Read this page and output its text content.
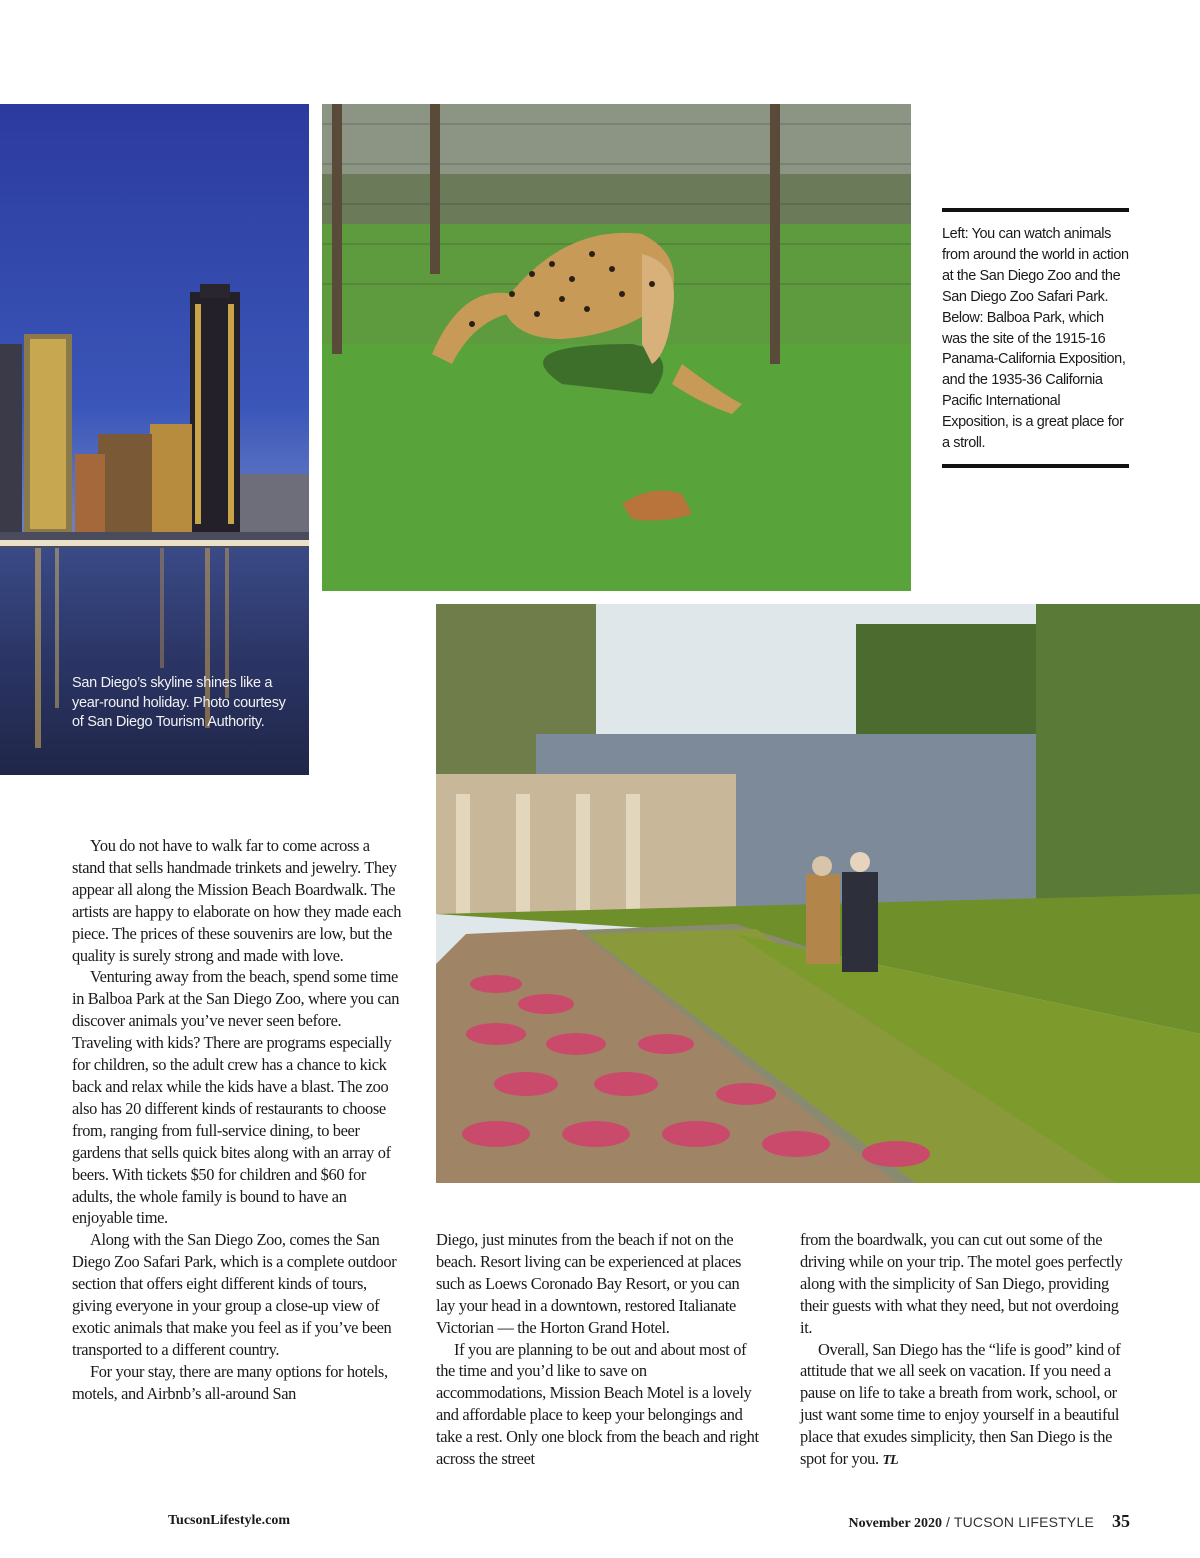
San Diego’s skyline shines like a year-round holiday. Photo courtesy of San Diego Tourism Authority.
Left: You can watch animals from around the world in action at the San Diego Zoo and the San Diego Zoo Safari Park. Below: Balboa Park, which was the site of the 1915-16 Panama-California Exposition, and the 1935-36 California Pacific International Exposition, is a great place for a stroll.

You do not have to walk far to come across a stand that sells handmade trinkets and jewelry. They appear all along the Mission Beach Boardwalk. The artists are happy to elaborate on how they made each piece. The prices of these souvenirs are low, but the quality is surely strong and made with love.

Venturing away from the beach, spend some time in Balboa Park at the San Diego Zoo, where you can discover animals you’ve never seen before. Traveling with kids? There are programs especially for children, so the adult crew has a chance to kick back and relax while the kids have a blast. The zoo also has 20 different kinds of restaurants to choose from, ranging from full-service dining, to beer gardens that sells quick bites along with an array of beers. With tickets $50 for children and $60 for adults, the whole family is bound to have an enjoyable time.

Along with the San Diego Zoo, comes the San Diego Zoo Safari Park, which is a complete outdoor section that offers eight different kinds of tours, giving everyone in your group a close-up view of exotic animals that make you feel as if you’ve been transported to a different country.

For your stay, there are many options for hotels, motels, and Airbnb’s all-around San

Diego, just minutes from the beach if not on the beach. Resort living can be experienced at places such as Loews Coronado Bay Resort, or you can lay your head in a downtown, restored Italianate Victorian — the Horton Grand Hotel.

If you are planning to be out and about most of the time and you’d like to save on accommodations, Mission Beach Motel is a lovely and affordable place to keep your belongings and take a rest. Only one block from the beach and right across the street

from the boardwalk, you can cut out some of the driving while on your trip. The motel goes perfectly along with the simplicity of San Diego, providing their guests with what they need, but not overdoing it.

Overall, San Diego has the “life is good” kind of attitude that we all seek on vacation. If you need a pause on life to take a breath from work, school, or just want some time to enjoy yourself in a beautiful place that exudes simplicity, then San Diego is the spot for you. TL

TucsonLifestyle.com	November 2020 / TUCSON LIFESTYLE 35
